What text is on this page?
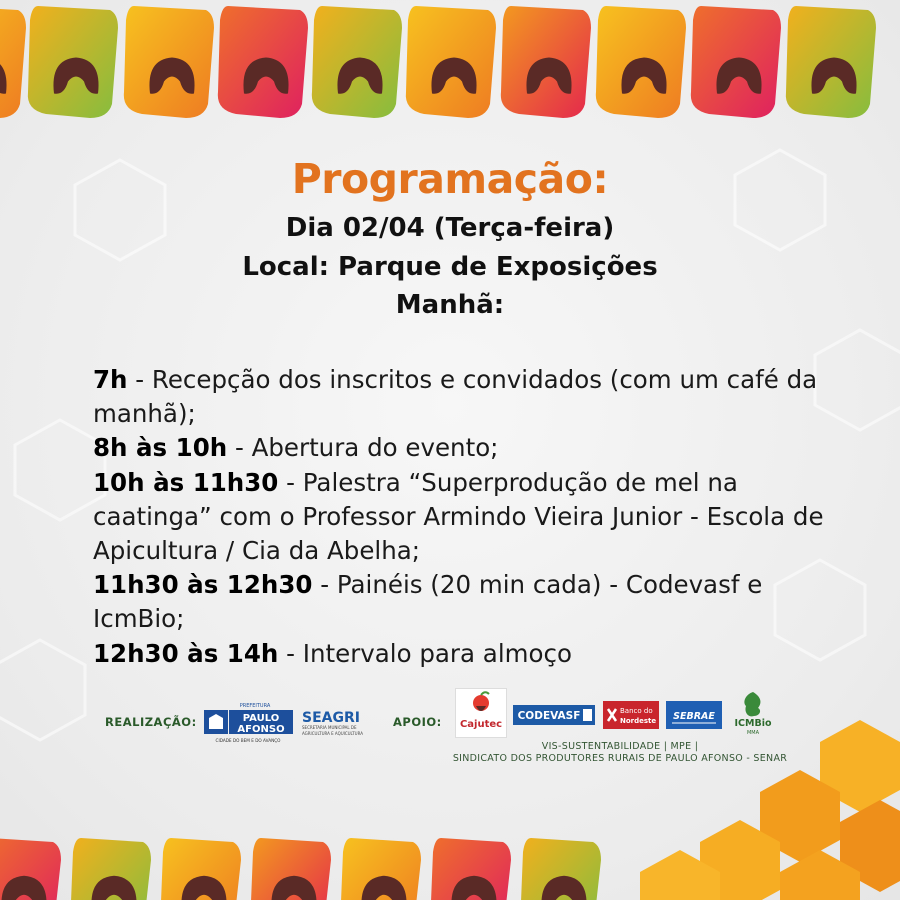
Programação:
Dia 02/04 (Terça-feira)
Local: Parque de Exposições
Manhã:
7h - Recepção dos inscritos e convidados (com um café da manhã);
8h às 10h - Abertura do evento;
10h às 11h30 - Palestra “Superprodução de mel na caatinga” com o Professor Armindo Vieira Junior - Escola de Apicultura / Cia da Abelha;
11h30 às 12h30 - Painéis (20 min cada) - Codevasf e IcmBio;
12h30 às 14h - Intervalo para almoço
REALIZAÇÃO:
PREFEITURA
PAULO
AFONSO
CIDADE DO BEM E DO AVANÇO
SEAGRI
SECRETARIA MUNICIPAL DE
AGRICULTURA E AQUICULTURA
APOIO: Cajutec
CODEVASF	Banco do
Nordeste SEBRAE
ICMBio
MMA
VIS-SUSTENTABILIDADE | MPE |
SINDICATO DOS PRODUTORES RURAIS DE PAULO AFONSO - SENAR
